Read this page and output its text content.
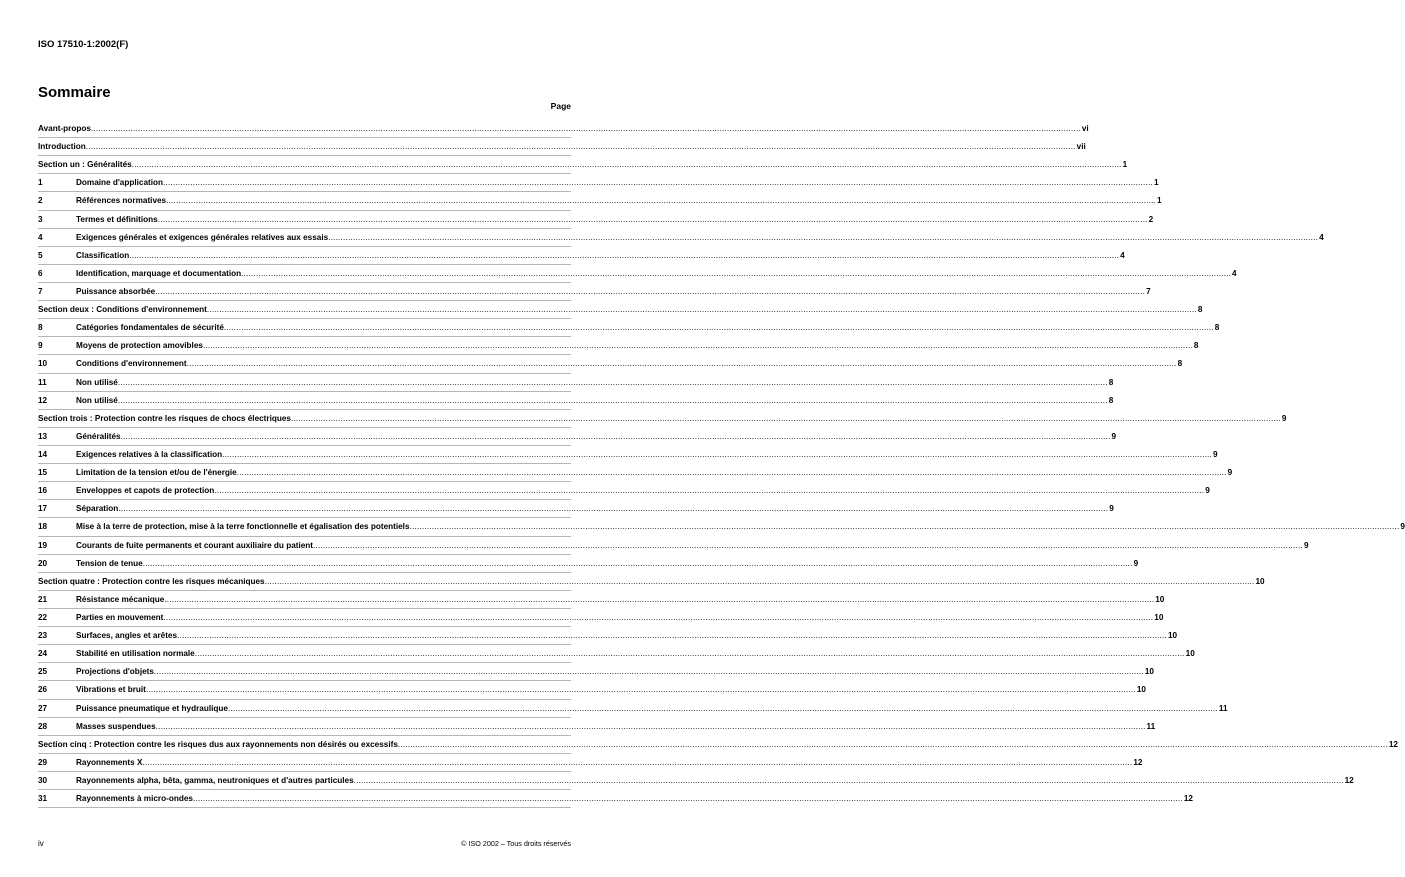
ISO 17510-1:2002(F)
Sommaire
Page
Avant-propos ................................................................................................................................................................................................................................................................................................................................................................................................................ vi
Introduction ................................................................................................................................................................................................................................................................................................................................................................................................................ vii
Section un : Généralités ................................................................................................................................................................................................................................................................................................................................................................................................................ 1
1	Domaine d'application ................................................................................................................................................................................................................................................................................................................................................................................................................ 1
2	Références normatives ................................................................................................................................................................................................................................................................................................................................................................................................................ 1
3	Termes et définitions ................................................................................................................................................................................................................................................................................................................................................................................................................ 2
4	Exigences générales et exigences générales relatives aux essais ................................................................................................................................................................................................................................................................................................................................................................................................................ 4
5	Classification ................................................................................................................................................................................................................................................................................................................................................................................................................ 4
6	Identification, marquage et documentation ................................................................................................................................................................................................................................................................................................................................................................................................................ 4
7	Puissance absorbée ................................................................................................................................................................................................................................................................................................................................................................................................................ 7
Section deux : Conditions d'environnement ................................................................................................................................................................................................................................................................................................................................................................................................................ 8
8	Catégories fondamentales de sécurité ................................................................................................................................................................................................................................................................................................................................................................................................................ 8
9	Moyens de protection amovibles ................................................................................................................................................................................................................................................................................................................................................................................................................ 8
10	Conditions d'environnement ................................................................................................................................................................................................................................................................................................................................................................................................................ 8
11	Non utilisé ................................................................................................................................................................................................................................................................................................................................................................................................................ 8
12	Non utilisé ................................................................................................................................................................................................................................................................................................................................................................................................................ 8
Section trois : Protection contre les risques de chocs électriques ................................................................................................................................................................................................................................................................................................................................................................................................................ 9
13	Généralités ................................................................................................................................................................................................................................................................................................................................................................................................................ 9
14	Exigences relatives à la classification ................................................................................................................................................................................................................................................................................................................................................................................................................ 9
15	Limitation de la tension et/ou de l'énergie ................................................................................................................................................................................................................................................................................................................................................................................................................ 9
16	Enveloppes et capots de protection ................................................................................................................................................................................................................................................................................................................................................................................................................ 9
17	Séparation ................................................................................................................................................................................................................................................................................................................................................................................................................ 9
18	Mise à la terre de protection, mise à la terre fonctionnelle et égalisation des potentiels ................................................................................................................................................................................................................................................................................................................................................................................................................ 9
19	Courants de fuite permanents et courant auxiliaire du patient ................................................................................................................................................................................................................................................................................................................................................................................................................ 9
20	Tension de tenue ................................................................................................................................................................................................................................................................................................................................................................................................................ 9
Section quatre : Protection contre les risques mécaniques ................................................................................................................................................................................................................................................................................................................................................................................................................ 10
21	Résistance mécanique ................................................................................................................................................................................................................................................................................................................................................................................................................ 10
22	Parties en mouvement ................................................................................................................................................................................................................................................................................................................................................................................................................ 10
23	Surfaces, angles et arêtes ................................................................................................................................................................................................................................................................................................................................................................................................................ 10
24	Stabilité en utilisation normale ................................................................................................................................................................................................................................................................................................................................................................................................................ 10
25	Projections d'objets ................................................................................................................................................................................................................................................................................................................................................................................................................ 10
26	Vibrations et bruit ................................................................................................................................................................................................................................................................................................................................................................................................................ 10
27	Puissance pneumatique et hydraulique ................................................................................................................................................................................................................................................................................................................................................................................................................ 11
28	Masses suspendues ................................................................................................................................................................................................................................................................................................................................................................................................................ 11
Section cinq : Protection contre les risques dus aux rayonnements non désirés ou excessifs ................................................................................................................................................................................................................................................................................................................................................................................................................ 12
29	Rayonnements X ................................................................................................................................................................................................................................................................................................................................................................................................................ 12
30	Rayonnements alpha, bêta, gamma, neutroniques et d'autres particules ................................................................................................................................................................................................................................................................................................................................................................................................................ 12
31	Rayonnements à micro-ondes ................................................................................................................................................................................................................................................................................................................................................................................................................ 12
iv	© ISO 2002 – Tous droits réservés
